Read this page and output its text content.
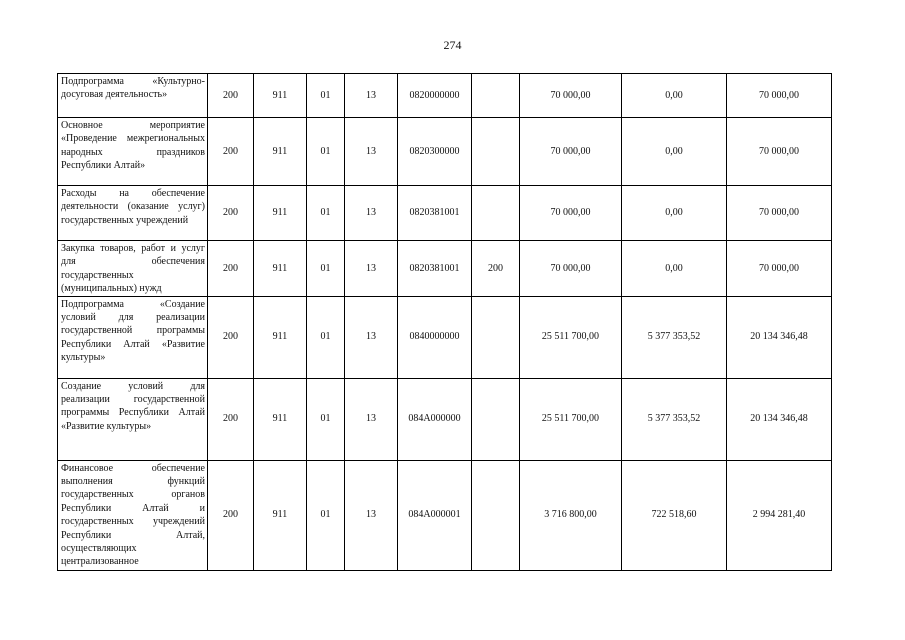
274
Подпрограмма «Культурно-досуговая деятельность»	200	911	01	13	0820000000		70 000,00	0,00	70 000,00
Основное мероприятие «Проведение межрегиональных народных праздников Республики Алтай»	200	911	01	13	0820300000		70 000,00	0,00	70 000,00
Расходы на обеспечение деятельности (оказание услуг) государственных учреждений	200	911	01	13	0820381001		70 000,00	0,00	70 000,00
Закупка товаров, работ и услуг для обеспечения государственных (муниципальных) нужд	200	911	01	13	0820381001	200	70 000,00	0,00	70 000,00
Подпрограмма «Создание условий для реализации государственной программы Республики Алтай «Развитие культуры»	200	911	01	13	0840000000		25 511 700,00	5 377 353,52	20 134 346,48
Создание условий для реализации государственной программы Республики Алтай «Развитие культуры»	200	911	01	13	084A000000		25 511 700,00	5 377 353,52	20 134 346,48
Финансовое обеспечение выполнения функций государственных органов Республики Алтай и государственных учреждений Республики Алтай, осуществляющих централизованное	200	911	01	13	084A000001		3 716 800,00	722 518,60	2 994 281,40
